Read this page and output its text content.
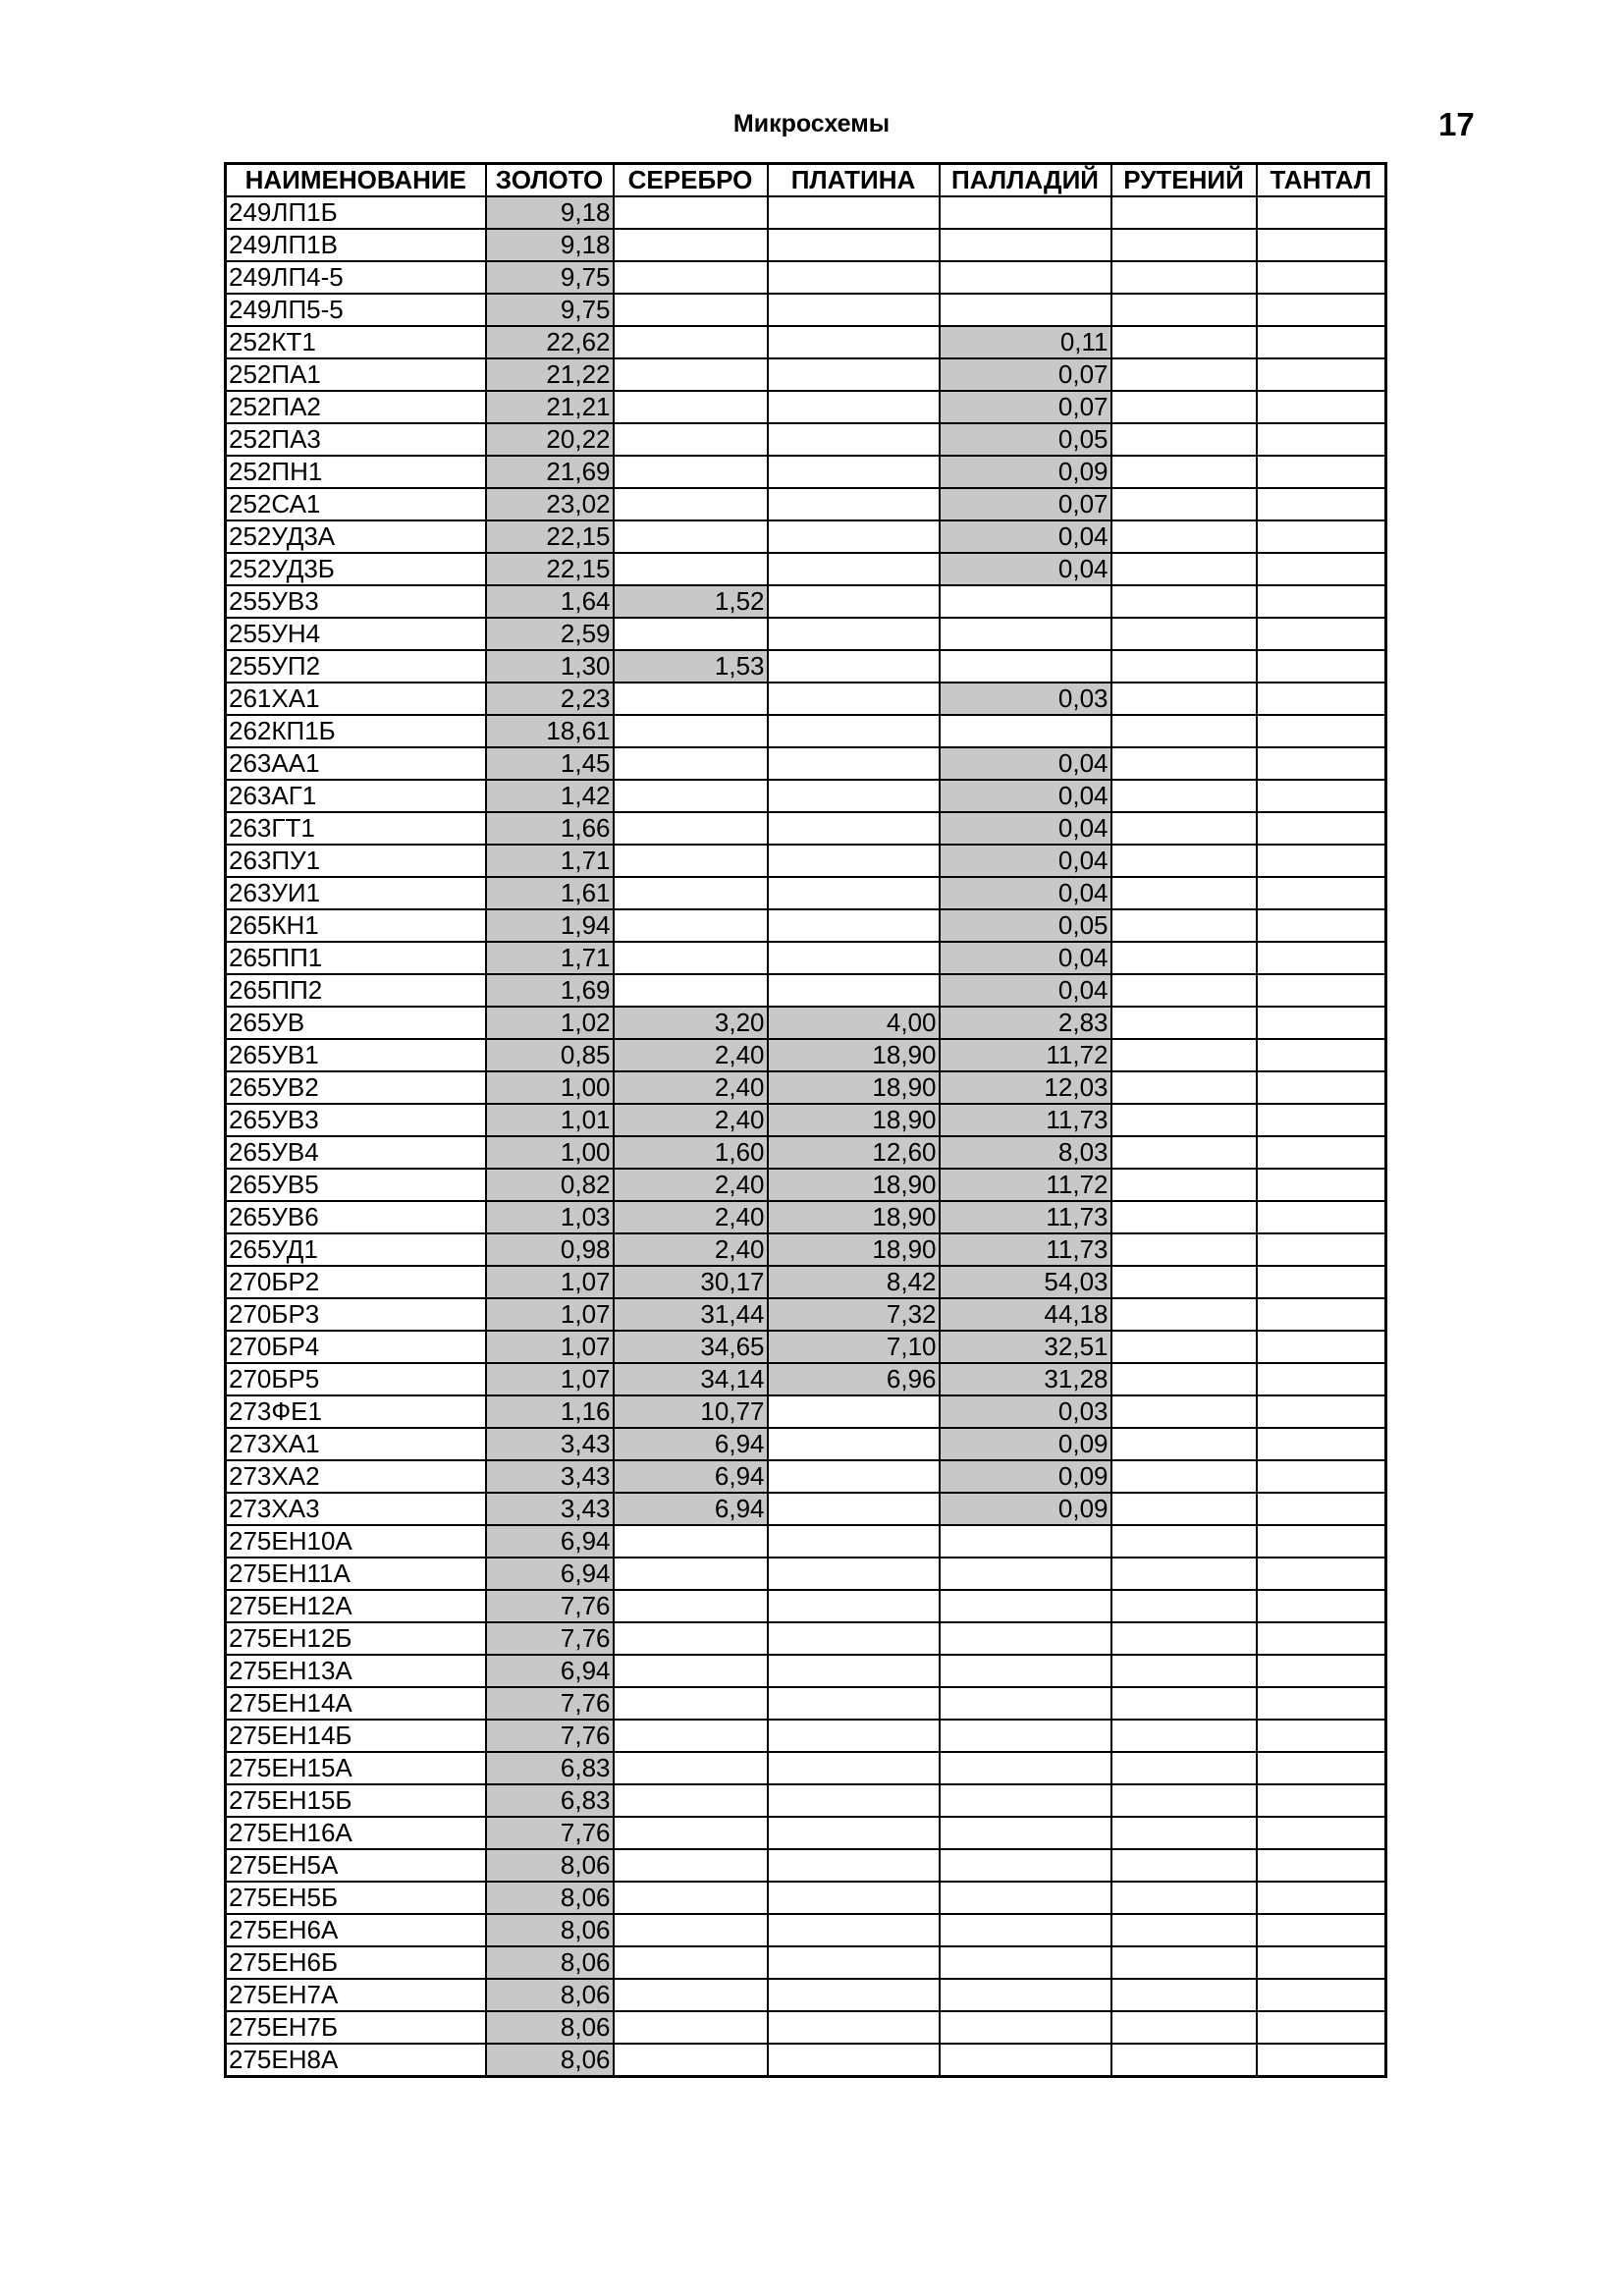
Микросхемы	17
НАИМЕНОВАНИЕ	ЗОЛОТО	СЕРЕБРО	ПЛАТИНА	ПАЛЛАДИЙ	РУТЕНИЙ	ТАНТАЛ
249ЛП1Б	9,18					
249ЛП1В	9,18					
249ЛП4-5	9,75					
249ЛП5-5	9,75					
252КТ1	22,62			0,11		
252ПА1	21,22			0,07		
252ПА2	21,21			0,07		
252ПА3	20,22			0,05		
252ПН1	21,69			0,09		
252СА1	23,02			0,07		
252УД3А	22,15			0,04		
252УД3Б	22,15			0,04		
255УВ3	1,64	1,52				
255УН4	2,59					
255УП2	1,30	1,53				
261ХА1	2,23			0,03		
262КП1Б	18,61					
263АА1	1,45			0,04		
263АГ1	1,42			0,04		
263ГТ1	1,66			0,04		
263ПУ1	1,71			0,04		
263УИ1	1,61			0,04		
265КН1	1,94			0,05		
265ПП1	1,71			0,04		
265ПП2	1,69			0,04		
265УВ	1,02	3,20	4,00	2,83		
265УВ1	0,85	2,40	18,90	11,72		
265УВ2	1,00	2,40	18,90	12,03		
265УВ3	1,01	2,40	18,90	11,73		
265УВ4	1,00	1,60	12,60	8,03		
265УВ5	0,82	2,40	18,90	11,72		
265УВ6	1,03	2,40	18,90	11,73		
265УД1	0,98	2,40	18,90	11,73		
270БР2	1,07	30,17	8,42	54,03		
270БР3	1,07	31,44	7,32	44,18		
270БР4	1,07	34,65	7,10	32,51		
270БР5	1,07	34,14	6,96	31,28		
273ФЕ1	1,16	10,77		0,03		
273ХА1	3,43	6,94		0,09		
273ХА2	3,43	6,94		0,09		
273ХА3	3,43	6,94		0,09		
275ЕН10А	6,94					
275ЕН11А	6,94					
275ЕН12А	7,76					
275ЕН12Б	7,76					
275ЕН13А	6,94					
275ЕН14А	7,76					
275ЕН14Б	7,76					
275ЕН15А	6,83					
275ЕН15Б	6,83					
275ЕН16А	7,76					
275ЕН5А	8,06					
275ЕН5Б	8,06					
275ЕН6А	8,06					
275ЕН6Б	8,06					
275ЕН7А	8,06					
275ЕН7Б	8,06					
275ЕН8А	8,06					
